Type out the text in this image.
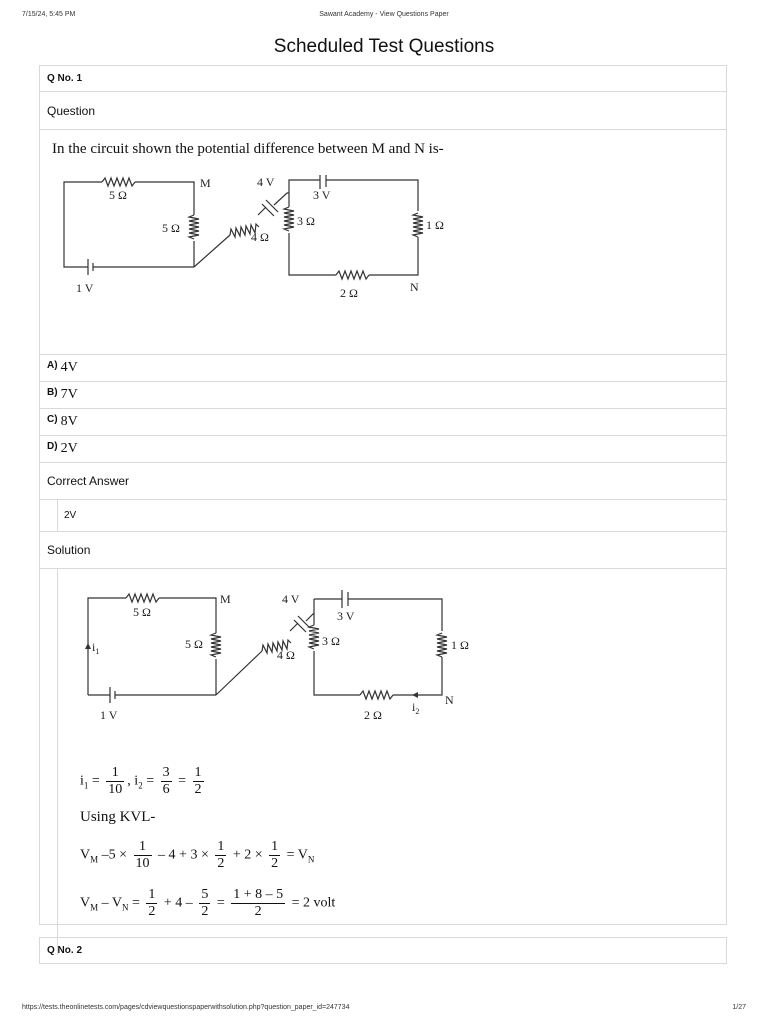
7/15/24, 5:45 PM	Sawant Academy - View Questions Paper
Scheduled Test Questions
Q No. 1
Question
In the circuit shown the potential difference between M and N is-
5 Ω
M
5 Ω
1 V
4 V
4 Ω
3 V
3 Ω	1 Ω
2 Ω	N
A) 4V
B) 7V
C) 8V
D) 2V
Correct Answer
2V
Solution
5 Ω
M
5 Ω
$i_1$
1 V
4 V
4 Ω
3 V
3 Ω	1 Ω
2 Ω
$i_2$
N
$i_1 = \frac{1}{10}$ , $i_2 = \frac{3}{6} = \frac{1}{2}$
Using KVL-
$V_M$ $-5 \times \frac{1}{10} - 4 + 3 \times \frac{1}{2} + 2 \times \frac{1}{2} = V_N$
$V_M - V_N = \frac{1}{2} + 4 - \frac{5}{2} = \frac{1 + 8 - 5}{2} = 2$ volt
Q No. 2
https://tests.theonlinetests.com/pages/cdviewquestionspaperwithsolution.php?question_paper_id=247734	1/27
